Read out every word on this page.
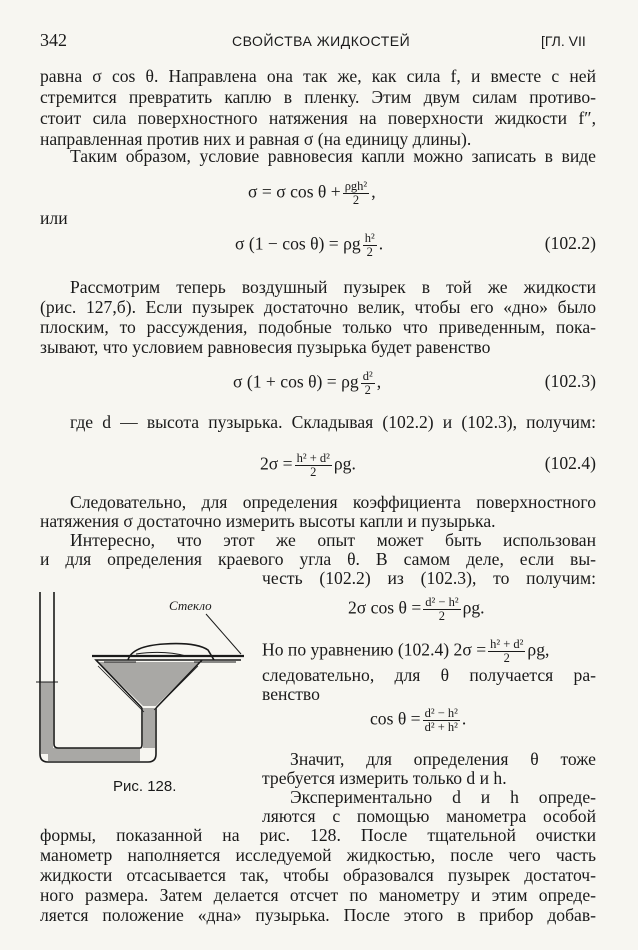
342	СВОЙСТВА ЖИДКОСТЕЙ	[ГЛ. VII
равна σ cos θ. Направлена она так же, как сила f, и вместе с ней
стремится превратить каплю в пленку. Этим двум силам противо-
стоит сила поверхностного натяжения на поверхности жидкости f″,
направленная против них и равная σ (на единицу длины).
Таким образом, условие равновесия капли можно записать в виде
σ = σ $\cos \theta + \frac{\text{ρgh²}}{2}$ ,
или
σ (1 − cos θ) = ρg $\frac{\text{h²}}{2}$ .	(102.2)
Рассмотрим теперь воздушный пузырек в той же жидкости
(рис. 127,б). Если пузырек достаточно велик, чтобы его «дно» было
плоским, то рассуждения, подобные только что приведенным, пока-
зывают, что условием равновесия пузырька будет равенство
σ (1 + cos θ) = ρg $\frac{\text{d²}}{2}$ ,	(102.3)
где d — высота пузырька. Складывая (102.2) и (102.3), получим:
$2\sigma = \frac{\text{h² + d²}}{2} \rho g$.	(102.4)
Следовательно, для определения коэффициента поверхностного
натяжения σ достаточно измерить высоты капли и пузырька.
Интересно, что этот же опыт может быть использован
и для определения краевого угла θ. В самом деле, если вы-
честь (102.2) из (102.3), то получим:
2σ $\cos \theta = \frac{\text{d² − h²}}{2} \rho g$.
Но по уравнению (102.4) $2\sigma = \frac{\text{h² + d²}}{2} \rho g$,
следовательно, для θ получается ра-
венство
$\cos \theta = \frac{\text{d² − h²}}{\text{d² + h²}}$ .
Значит, для определения θ тоже
требуется измерить только d и h.
Экспериментально d и h опреде-
ляются с помощью манометра особой
формы, показанной на рис. 128. После тщательной очистки
манометр наполняется исследуемой жидкостью, после чего часть
жидкости отсасывается так, чтобы образовался пузырек достаточ-
ного размера. Затем делается отсчет по манометру и этим опреде-
ляется положение «дна» пузырька. После этого в прибор добав-
Стекло
Рис. 128.
